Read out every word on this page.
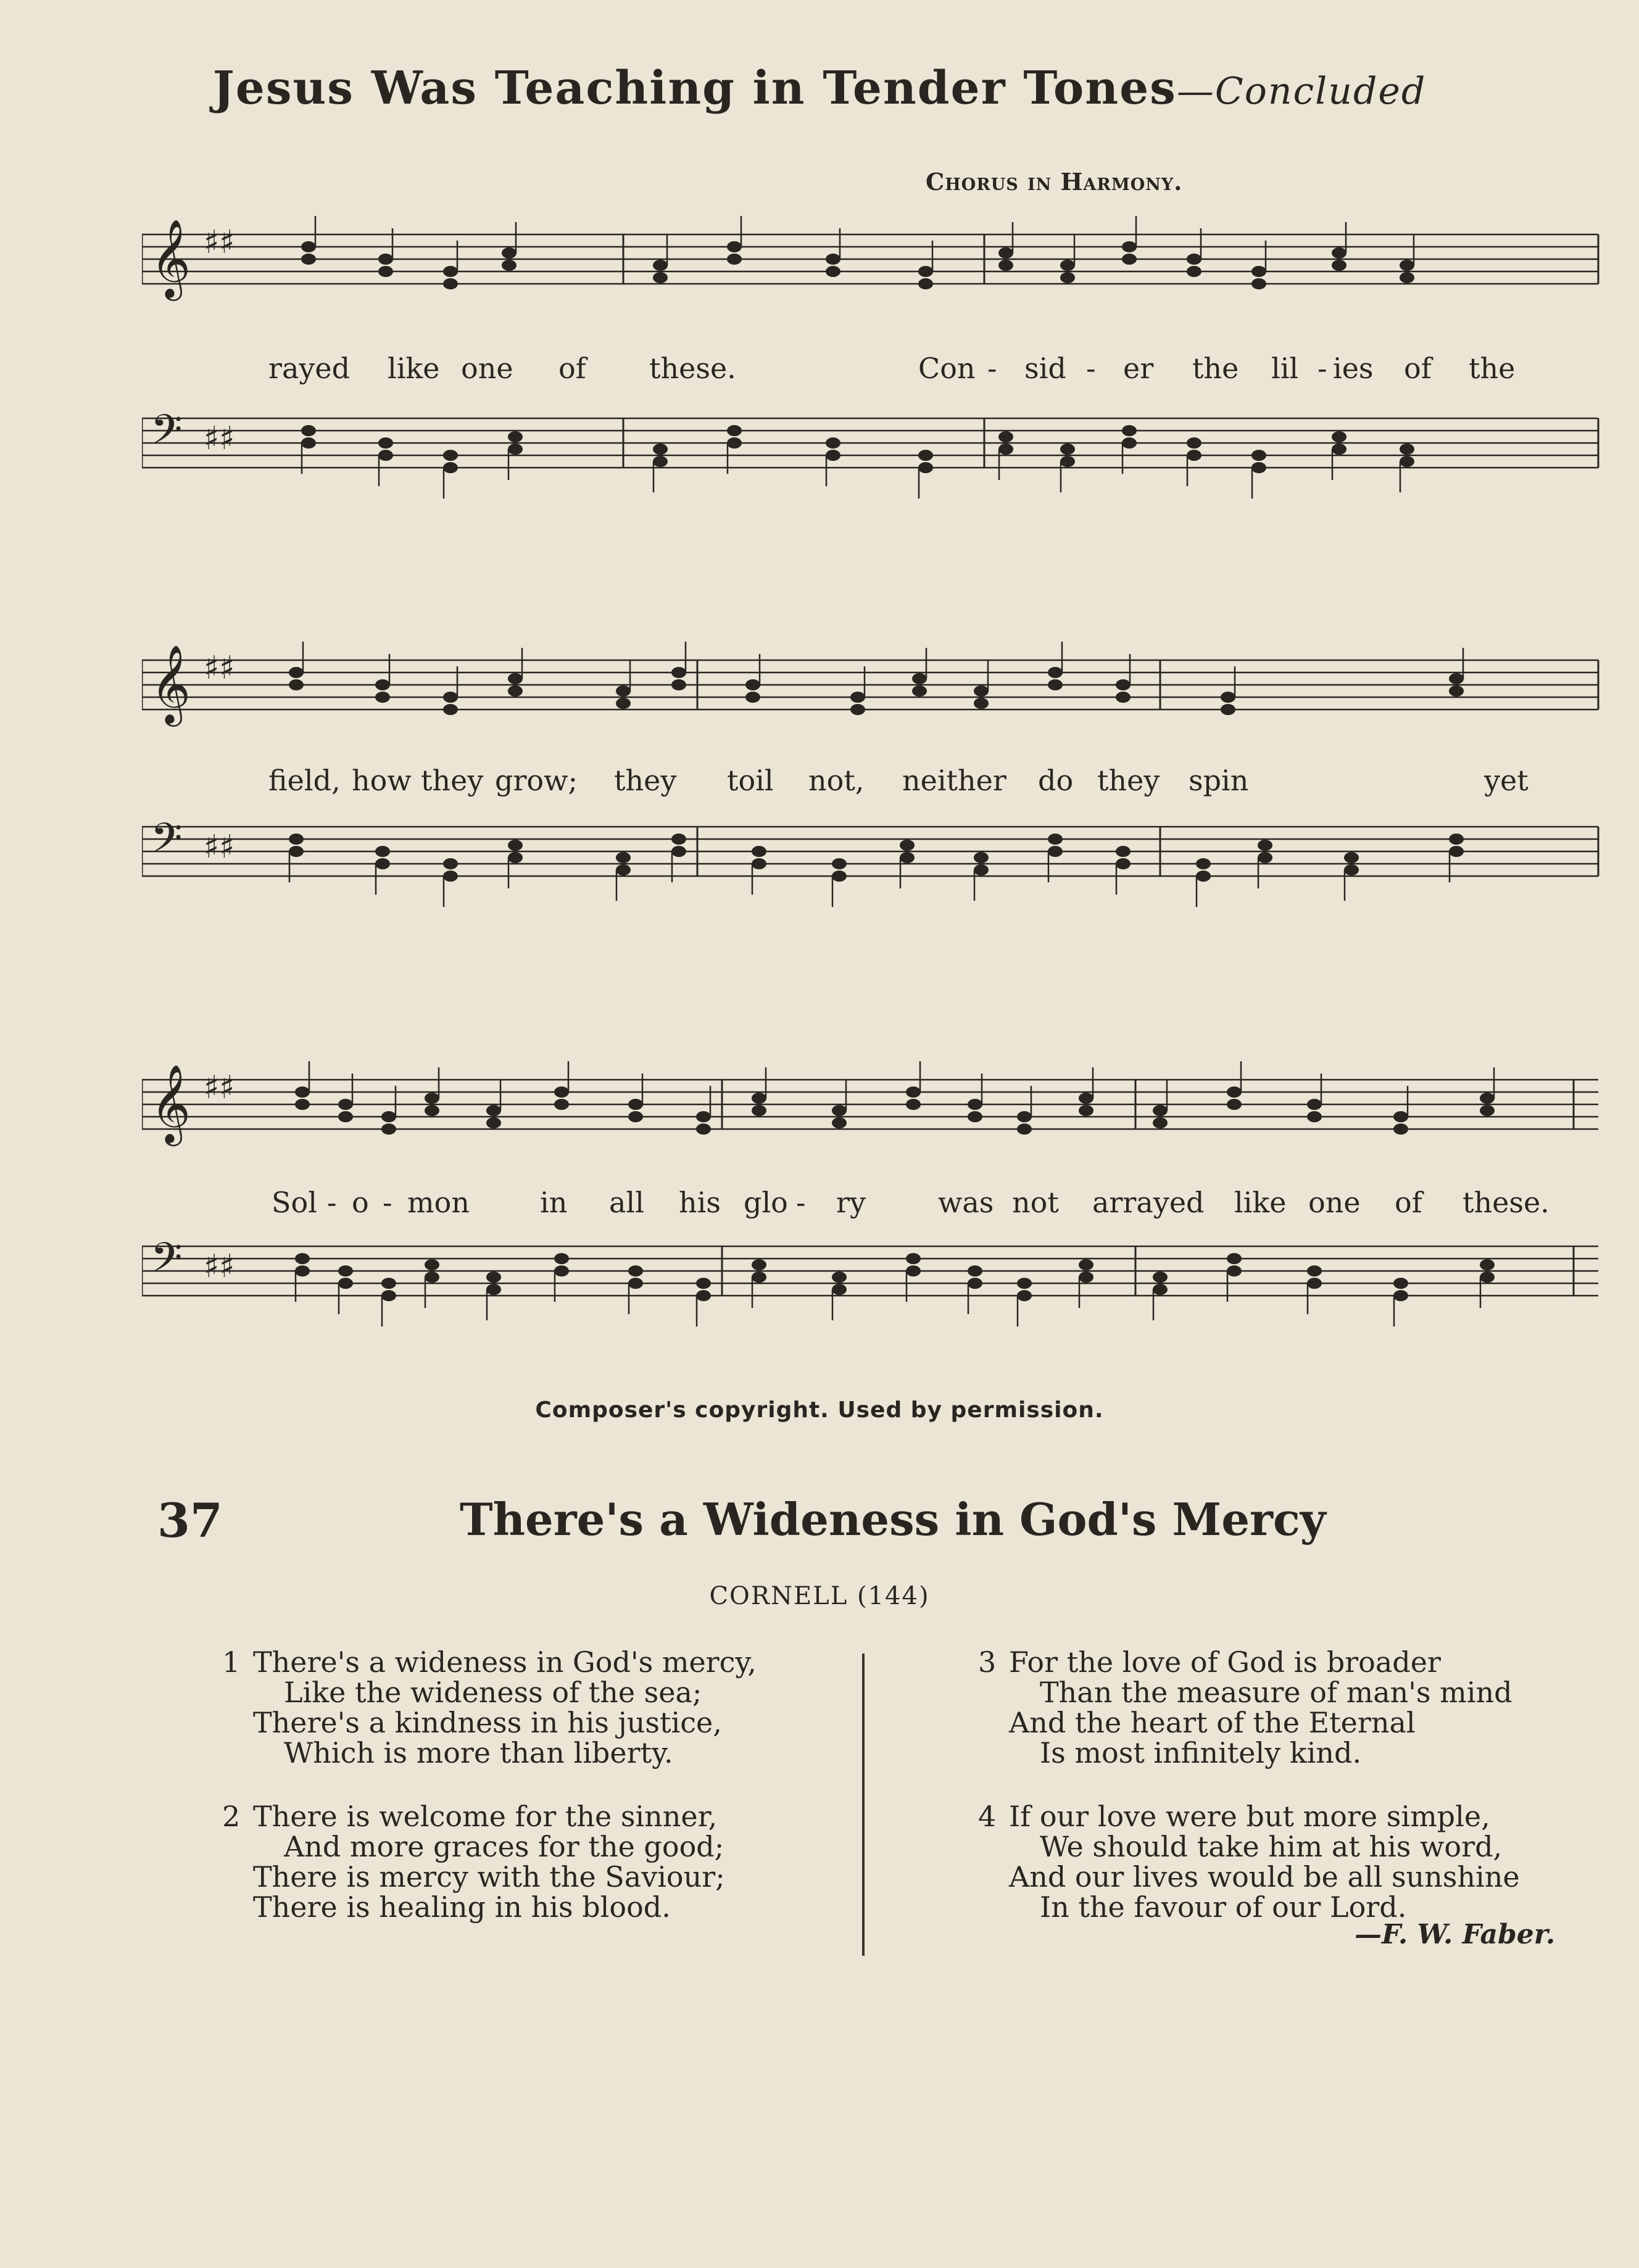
Jesus Was Teaching in Tender Tones—Concluded
Chorus in Harmony.
𝄞 ♯♯
𝄢 ♯♯
rayed like one of these.	Con - sid - er the lil - ies of the
𝄞 ♯♯
𝄢 ♯♯
field, how they grow; they toil not, neither do they spin	yet
𝄞 ♯♯
𝄢 ♯♯
Sol - o - mon in all his glo - ry	was not arrayed like one of these.
Composer's copyright. Used by permission.
37	There's a Wideness in God's Mercy
CORNELL (144)
1 There's a wideness in God's mercy,
Like the wideness of the sea;
There's a kindness in his justice,
Which is more than liberty.
2 There is welcome for the sinner,
And more graces for the good;
There is mercy with the Saviour;
There is healing in his blood.
3 For the love of God is broader
Than the measure of man's mind
And the heart of the Eternal
Is most infinitely kind.
4 If our love were but more simple,
We should take him at his word,
And our lives would be all sunshine
In the favour of our Lord.
—F. W. Faber.
